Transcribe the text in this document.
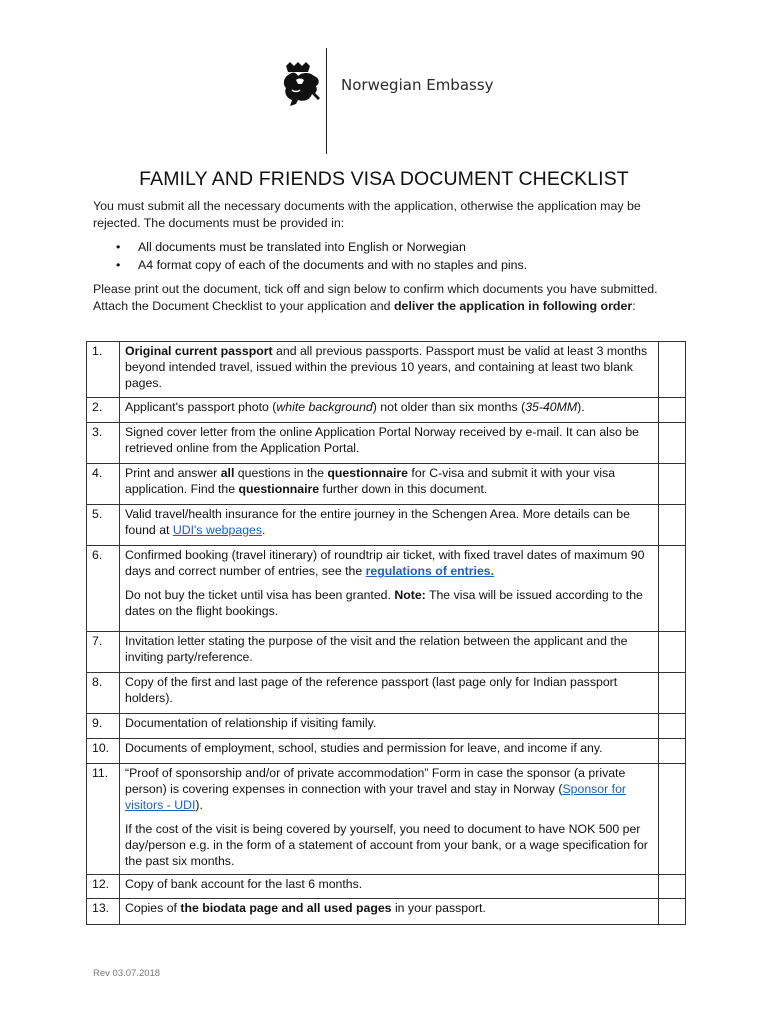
Norwegian Embassy
FAMILY AND FRIENDS VISA DOCUMENT CHECKLIST
You must submit all the necessary documents with the application, otherwise the application may be rejected. The documents must be provided in:
• All documents must be translated into English or Norwegian
• A4 format copy of each of the documents and with no staples and pins.
Please print out the document, tick off and sign below to confirm which documents you have submitted. Attach the Document Checklist to your application and deliver the application in following order:
1.	Original current passport and all previous passports. Passport must be valid at least 3 months beyond intended travel, issued within the previous 10 years, and containing at least two blank pages.	
2.	Applicant's passport photo (white background) not older than six months (35-40MM).	
3.	Signed cover letter from the online Application Portal Norway received by e-mail. It can also be retrieved online from the Application Portal.	
4.	Print and answer all questions in the questionnaire for C-visa and submit it with your visa application. Find the questionnaire further down in this document.	
5.	Valid travel/health insurance for the entire journey in the Schengen Area. More details can be found at UDI's webpages.	
6.	Confirmed booking (travel itinerary) of roundtrip air ticket, with fixed travel dates of maximum 90 days and correct number of entries, see the regulations of entries.
Do not buy the ticket until visa has been granted. Note: The visa will be issued according to the dates on the flight bookings.	

7.	Invitation letter stating the purpose of the visit and the relation between the applicant and the inviting party/reference.	
8.	Copy of the first and last page of the reference passport (last page only for Indian passport holders).	
9.	Documentation of relationship if visiting family.	
10.	Documents of employment, school, studies and permission for leave, and income if any.	
11.	“Proof of sponsorship and/or of private accommodation” Form in case the sponsor (a private person) is covering expenses in connection with your travel and stay in Norway (Sponsor for visitors - UDI).
If the cost of the visit is being covered by yourself, you need to document to have NOK 500 per day/person e.g. in the form of a statement of account from your bank, or a wage specification for the past six months.	

12.	Copy of bank account for the last 6 months.	
13.	Copies of the biodata page and all used pages in your passport.	
Rev 03.07.2018
